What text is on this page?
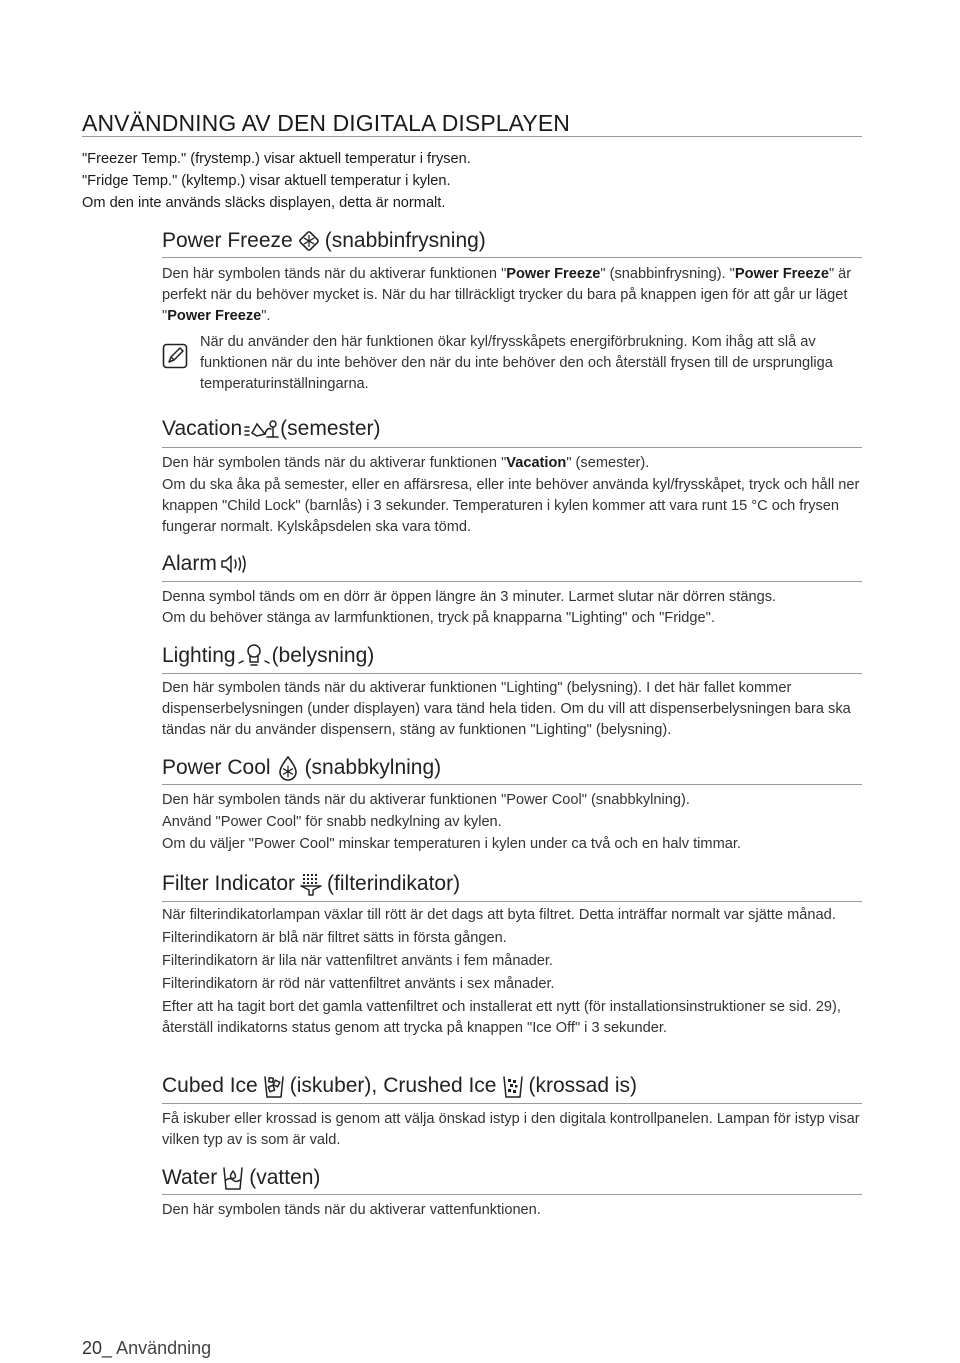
ANVÄNDNING AV DEN DIGITALA DISPLAYEN
"Freezer Temp." (frystemp.) visar aktuell temperatur i frysen.
"Fridge Temp." (kyltemp.) visar aktuell temperatur i kylen.
Om den inte används släcks displayen, detta är normalt.
Power Freeze (snabbinfrysning)

Den här symbolen tänds när du aktiverar funktionen "Power Freeze" (snabbinfrysning). "Power Freeze" är perfekt när du behöver mycket is. När du har tillräckligt trycker du bara på knappen igen för att går ur läget "Power Freeze".

När du använder den här funktionen ökar kyl/frysskåpets energiförbrukning. Kom ihåg att slå av funktionen när du inte behöver den när du inte behöver den och återställ frysen till de ursprungliga temperaturinställningarna.

Vacation (semester)

Den här symbolen tänds när du aktiverar funktionen "Vacation" (semester).

Om du ska åka på semester, eller en affärsresa, eller inte behöver använda kyl/frysskåpet, tryck och håll ner knappen "Child Lock" (barnlås) i 3 sekunder. Temperaturen i kylen kommer att vara runt 15 °C och frysen fungerar normalt. Kylskåpsdelen ska vara tömd.

Alarm

Denna symbol tänds om en dörr är öppen längre än 3 minuter. Larmet slutar när dörren stängs.

Om du behöver stänga av larmfunktionen, tryck på knapparna "Lighting" och "Fridge".

Lighting (belysning)

Den här symbolen tänds när du aktiverar funktionen "Lighting" (belysning). I det här fallet kommer dispenserbelysningen (under displayen) vara tänd hela tiden. Om du vill att dispenserbelysningen bara ska tändas när du använder dispensern, stäng av funktionen "Lighting" (belysning).

Power Cool (snabbkylning)

Den här symbolen tänds när du aktiverar funktionen "Power Cool" (snabbkylning).

Använd "Power Cool" för snabb nedkylning av kylen.

Om du väljer "Power Cool" minskar temperaturen i kylen under ca två och en halv timmar.

Filter Indicator (filterindikator)

När filterindikatorlampan växlar till rött är det dags att byta filtret. Detta inträffar normalt var sjätte månad.

Filterindikatorn är blå när filtret sätts in första gången.

Filterindikatorn är lila när vattenfiltret använts i fem månader.

Filterindikatorn är röd när vattenfiltret använts i sex månader.

Efter att ha tagit bort det gamla vattenfiltret och installerat ett nytt (för installationsinstruktioner se sid. 29), återställ indikatorns status genom att trycka på knappen "Ice Off" i 3 sekunder.

Cubed Ice (iskuber), Crushed Ice (krossad is)

Få iskuber eller krossad is genom att välja önskad istyp i den digitala kontrollpanelen. Lampan för istyp visar vilken typ av is som är vald.

Water (vatten)

Den här symbolen tänds när du aktiverar vattenfunktionen.

20_ Användning
